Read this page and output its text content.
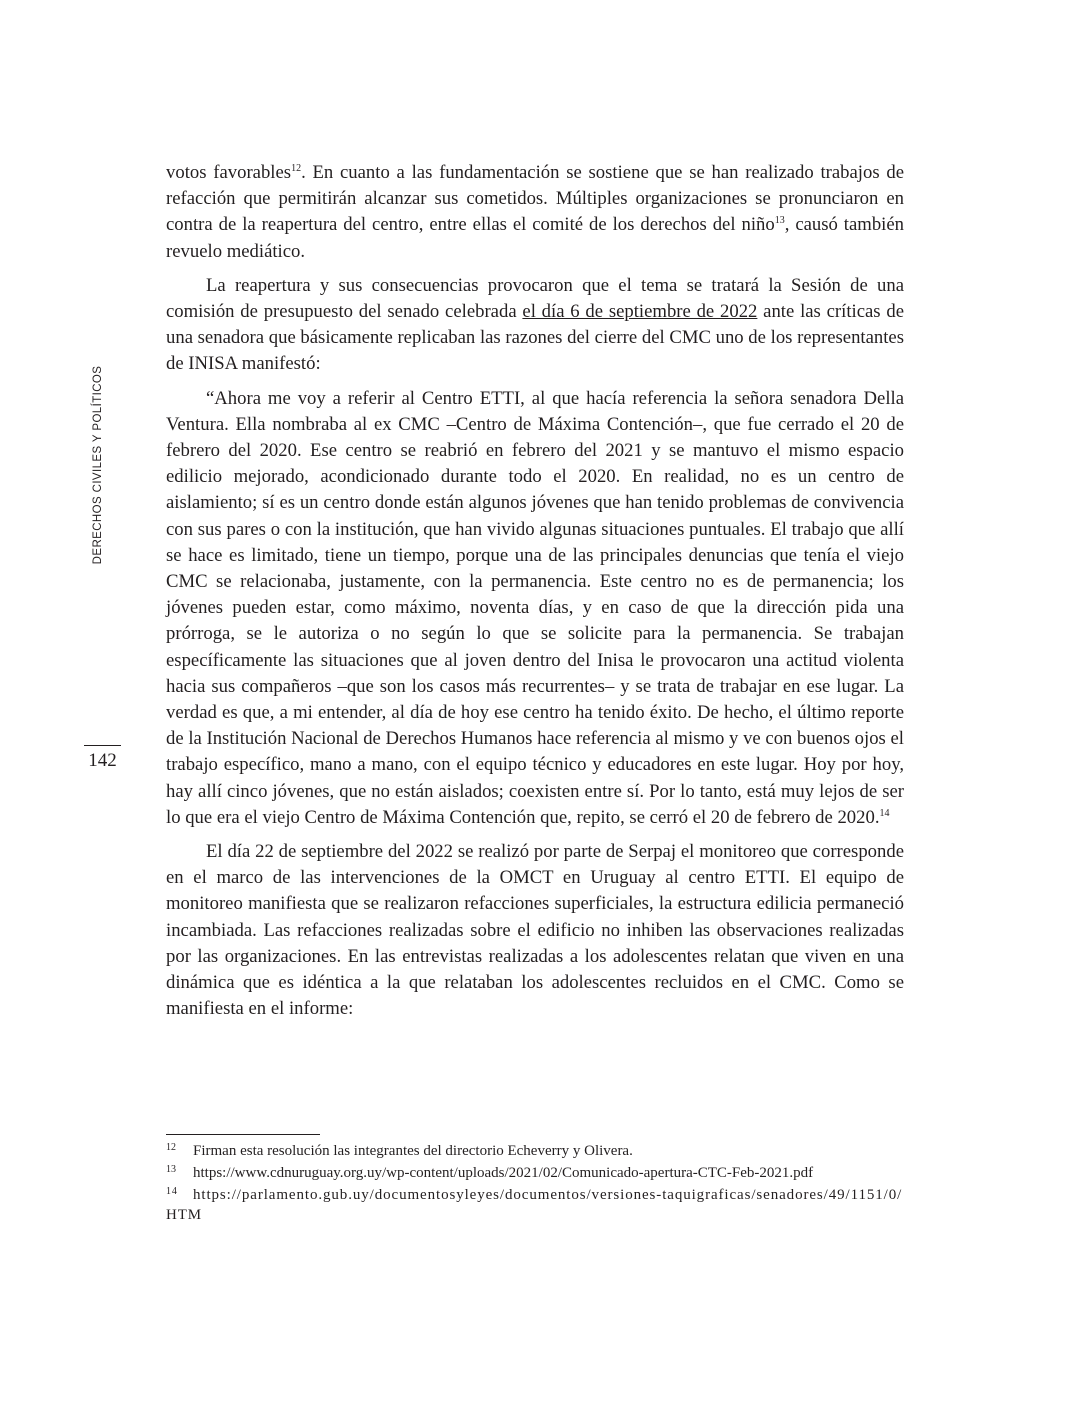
DERECHOS CIVILES Y POLÍTICOS
142

votos favorables$^{12}$. En cuanto a las fundamentación se sostiene que se han realizado trabajos de refacción que permitirán alcanzar sus cometidos. Múltiples organizaciones se pronunciaron en contra de la reapertura del centro, entre ellas el comité de los derechos del niño$^{13}$, causó también revuelo mediático.

La reapertura y sus consecuencias provocaron que el tema se tratará la Sesión de una comisión de presupuesto del senado celebrada el día 6 de septiembre de 2022 ante las críticas de una senadora que básicamente replicaban las razones del cierre del CMC uno de los representantes de INISA manifestó:

“Ahora me voy a referir al Centro ETTI, al que hacía referencia la señora senadora Della Ventura. Ella nombraba al ex CMC –Centro de Máxima Contención–, que fue cerrado el 20 de febrero del 2020. Ese centro se reabrió en febrero del 2021 y se mantuvo el mismo espacio edilicio mejorado, acondicionado durante todo el 2020. En realidad, no es un centro de aislamiento; sí es un centro donde están algunos jóvenes que han tenido problemas de convivencia con sus pares o con la institución, que han vivido algunas situaciones puntuales. El trabajo que allí se hace es limitado, tiene un tiempo, porque una de las principales denuncias que tenía el viejo CMC se relacionaba, justamente, con la permanencia. Este centro no es de permanencia; los jóvenes pueden estar, como máximo, noventa días, y en caso de que la dirección pida una prórroga, se le autoriza o no según lo que se solicite para la permanencia. Se trabajan específicamente las situaciones que al joven dentro del Inisa le provocaron una actitud violenta hacia sus compañeros –que son los casos más recurrentes– y se trata de trabajar en ese lugar. La verdad es que, a mi entender, al día de hoy ese centro ha tenido éxito. De hecho, el último reporte de la Institución Nacional de Derechos Humanos hace referencia al mismo y ve con buenos ojos el trabajo específico, mano a mano, con el equipo técnico y educadores en este lugar. Hoy por hoy, hay allí cinco jóvenes, que no están aislados; coexisten entre sí. Por lo tanto, está muy lejos de ser lo que era el viejo Centro de Máxima Contención que, repito, se cerró el 20 de febrero de 2020.14

El día 22 de septiembre del 2022 se realizó por parte de Serpaj el monitoreo que corresponde en el marco de las intervenciones de la OMCT en Uruguay al centro ETTI. El equipo de monitoreo manifiesta que se realizaron refacciones superficiales, la estructura edilicia permaneció incambiada. Las refacciones realizadas sobre el edificio no inhiben las observaciones realizadas por las organizaciones. En las entrevistas realizadas a los adolescentes relatan que viven en una dinámica que es idéntica a la que relataban los adolescentes recluidos en el CMC. Como se manifiesta en el informe:

12 Firman esta resolución las integrantes del directorio Echeverry y Olivera.

13 https://www.cdnuruguay.org.uy/wp-content/uploads/2021/02/Comunicado-apertura-CTC-Feb-2021.pdf

14 https://parlamento.gub.uy/documentosyleyes/documentos/versiones-taquigraficas/senadores/49/1151/0/HTM
